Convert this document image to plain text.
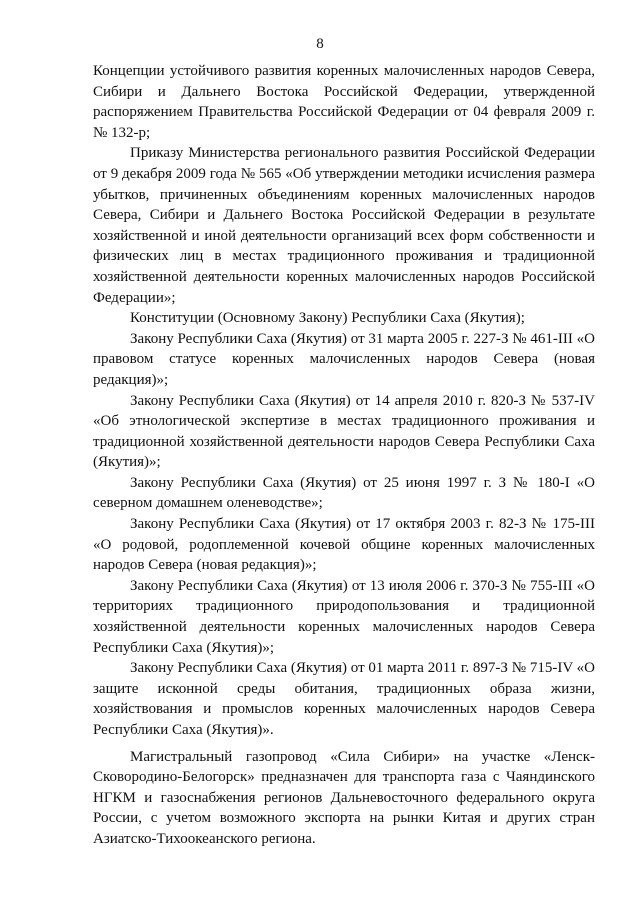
8

Концепции устойчивого развития коренных малочисленных народов Севера, Сибири и Дальнего Востока Российской Федерации, утвержденной распоряжением Правительства Российской Федерации от 04 февраля 2009 г. № 132-р;

Приказу Министерства регионального развития Российской Федерации от 9 декабря 2009 года № 565 «Об утверждении методики исчисления размера убытков, причиненных объединениям коренных малочисленных народов Севера, Сибири и Дальнего Востока Российской Федерации в результате хозяйственной и иной деятельности организаций всех форм собственности и физических лиц в местах традиционного проживания и традиционной хозяйственной деятельности коренных малочисленных народов Российской Федерации»;

Конституции (Основному Закону) Республики Саха (Якутия);

Закону Республики Саха (Якутия) от 31 марта 2005 г. 227-З № 461-III «О правовом статусе коренных малочисленных народов Севера (новая редакция)»;

Закону Республики Саха (Якутия) от 14 апреля 2010 г. 820-З № 537-IV «Об этнологической экспертизе в местах традиционного проживания и традиционной хозяйственной деятельности народов Севера Республики Саха (Якутия)»;

Закону Республики Саха (Якутия) от 25 июня 1997 г. З № 180-I «О северном домашнем оленеводстве»;

Закону Республики Саха (Якутия) от 17 октября 2003 г. 82-З № 175-III «О родовой, родоплеменной кочевой общине коренных малочисленных народов Севера (новая редакция)»;

Закону Республики Саха (Якутия) от 13 июля 2006 г. 370-З № 755-III «О территориях традиционного природопользования и традиционной хозяйственной деятельности коренных малочисленных народов Севера Республики Саха (Якутия)»;

Закону Республики Саха (Якутия) от 01 марта 2011 г. 897-З № 715-IV «О защите исконной среды обитания, традиционных образа жизни, хозяйствования и промыслов коренных малочисленных народов Севера Республики Саха (Якутия)».

Магистральный газопровод «Сила Сибири» на участке «Ленск-Сковородино-Белогорск» предназначен для транспорта газа с Чаяндинского НГКМ и газоснабжения регионов Дальневосточного федерального округа России, с учетом возможного экспорта на рынки Китая и других стран Азиатско-Тихоокеанского региона.
